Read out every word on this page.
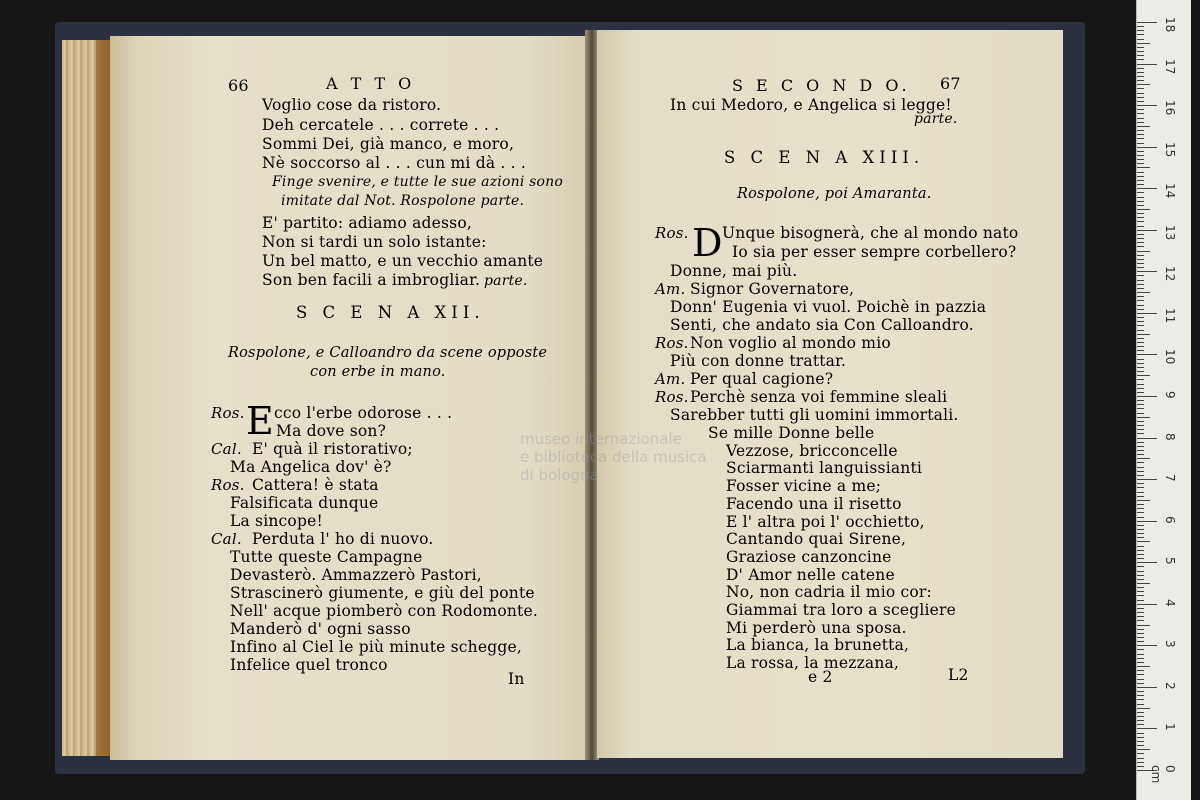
66	A T T O
Voglio cose da ristoro.
Deh cercatele . . . correte . . .
Sommi Dei, già manco, e moro,
Nè soccorso al . . . cun mi dà . . .
Finge svenire, e tutte le sue azioni sono
imitate dal Not. Rospolone parte.
E' partito: adiamo adesso,
Non si tardi un solo istante:
Un bel matto, e un vecchio amante
Son ben facili a imbrogliar. parte.
S C E N A XII.
Rospolone, e Calloandro da scene opposte
con erbe in mano.
E
Ros. cco l'erbe odorose . . .
Ma dove son?
Cal. E' quà il ristorativo;
Ma Angelica dov' è?
Ros. Cattera! è stata
Falsificata dunque
La sincope!
Cal. Perduta l' ho di nuovo.
Tutte queste Campagne
Devasterò. Ammazzerò Pastori,
Strascinerò giumente, e giù del ponte
Nell' acque piomberò con Rodomonte.
Manderò d' ogni sasso
Infino al Ciel le più minute schegge,
Infelice quel tronco
In
S E C O N D O. 67
In cui Medoro, e Angelica si legge!
parte.
S C E N A XIII.
Rospolone, poi Amaranta.
D
Ros. Unque bisognerà, che al mondo nato
Io sia per esser sempre corbellero?
Donne, mai più.
Am. Signor Governatore,
Donn' Eugenia vi vuol. Poichè in pazzia
Senti, che andato sia Con Calloandro.
Ros. Non voglio al mondo mio
Più con donne trattar.
Am. Per qual cagione?
Ros. Perchè senza voi femmine sleali
Sarebber tutti gli uomini immortali.
Se mille Donne belle
Vezzose, bricconcelle
Sciarmanti languissianti
Fosser vicine a me;
Facendo una il risetto
E l' altra poi l' occhietto,
Cantando quai Sirene,
Graziose canzoncine
D' Amor nelle catene
No, non cadria il mio cor:
Giammai tra loro a scegliere
Mi perderò una sposa.
La bianca, la brunetta,
La rossa, la mezzana,
e 2	L2
museo internazionale
e biblioteca della musica
di bologna
18
17
16
15
14
13
12
11
10
9
8
7
6
5
4
3
2
1
0 cm
